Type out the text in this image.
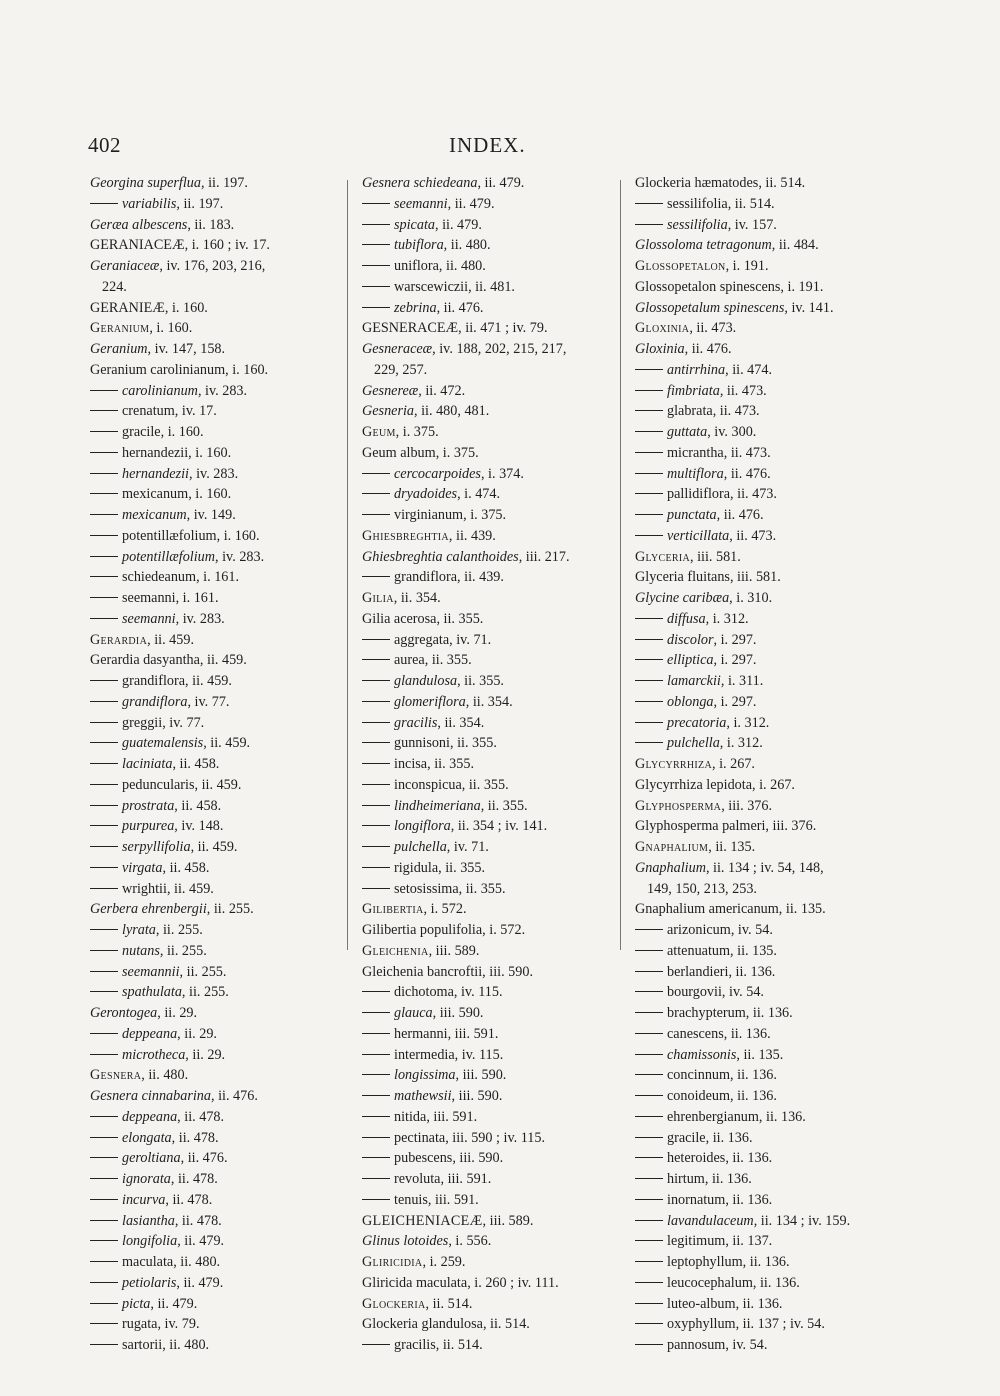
402	INDEX.
Georgina superflua, ii. 197.
variabilis, ii. 197.
Geræa albescens, ii. 183.
GERANIACEÆ, i. 160 ; iv. 17.
Geraniaceæ, iv. 176, 203, 216,
224.
GERANIEÆ, i. 160.
Geranium, i. 160.
Geranium, iv. 147, 158.
Geranium carolinianum, i. 160.
carolinianum, iv. 283.
crenatum, iv. 17.
gracile, i. 160.
hernandezii, i. 160.
hernandezii, iv. 283.
mexicanum, i. 160.
mexicanum, iv. 149.
potentillæfolium, i. 160.
potentillæfolium, iv. 283.
schiedeanum, i. 161.
seemanni, i. 161.
seemanni, iv. 283.
Gerardia, ii. 459.
Gerardia dasyantha, ii. 459.
grandiflora, ii. 459.
grandiflora, iv. 77.
greggii, iv. 77.
guatemalensis, ii. 459.
laciniata, ii. 458.
peduncularis, ii. 459.
prostrata, ii. 458.
purpurea, iv. 148.
serpyllifolia, ii. 459.
virgata, ii. 458.
wrightii, ii. 459.
Gerbera ehrenbergii, ii. 255.
lyrata, ii. 255.
nutans, ii. 255.
seemannii, ii. 255.
spathulata, ii. 255.
Gerontogea, ii. 29.
deppeana, ii. 29.
microtheca, ii. 29.
Gesnera, ii. 480.
Gesnera cinnabarina, ii. 476.
deppeana, ii. 478.
elongata, ii. 478.
geroltiana, ii. 476.
ignorata, ii. 478.
incurva, ii. 478.
lasiantha, ii. 478.
longifolia, ii. 479.
maculata, ii. 480.
petiolaris, ii. 479.
picta, ii. 479.
rugata, iv. 79.
sartorii, ii. 480.
Gesnera schiedeana, ii. 479.
seemanni, ii. 479.
spicata, ii. 479.
tubiflora, ii. 480.
uniflora, ii. 480.
warscewiczii, ii. 481.
zebrina, ii. 476.
GESNERACEÆ, ii. 471 ; iv. 79.
Gesneraceæ, iv. 188, 202, 215, 217,
229, 257.
Gesnereæ, ii. 472.
Gesneria, ii. 480, 481.
Geum, i. 375.
Geum album, i. 375.
cercocarpoides, i. 374.
dryadoides, i. 474.
virginianum, i. 375.
Ghiesbreghtia, ii. 439.
Ghiesbreghtia calanthoides, iii. 217.
grandiflora, ii. 439.
Gilia, ii. 354.
Gilia acerosa, ii. 355.
aggregata, iv. 71.
aurea, ii. 355.
glandulosa, ii. 355.
glomeriflora, ii. 354.
gracilis, ii. 354.
gunnisoni, ii. 355.
incisa, ii. 355.
inconspicua, ii. 355.
lindheimeriana, ii. 355.
longiflora, ii. 354 ; iv. 141.
pulchella, iv. 71.
rigidula, ii. 355.
setosissima, ii. 355.
Gilibertia, i. 572.
Gilibertia populifolia, i. 572.
Gleichenia, iii. 589.
Gleichenia bancroftii, iii. 590.
dichotoma, iv. 115.
glauca, iii. 590.
hermanni, iii. 591.
intermedia, iv. 115.
longissima, iii. 590.
mathewsii, iii. 590.
nitida, iii. 591.
pectinata, iii. 590 ; iv. 115.
pubescens, iii. 590.
revoluta, iii. 591.
tenuis, iii. 591.
GLEICHENIACEÆ, iii. 589.
Glinus lotoides, i. 556.
Gliricidia, i. 259.
Gliricida maculata, i. 260 ; iv. 111.
Glockeria, ii. 514.
Glockeria glandulosa, ii. 514.
gracilis, ii. 514.
Glockeria hæmatodes, ii. 514.
sessilifolia, ii. 514.
sessilifolia, iv. 157.
Glossoloma tetragonum, ii. 484.
Glossopetalon, i. 191.
Glossopetalon spinescens, i. 191.
Glossopetalum spinescens, iv. 141.
Gloxinia, ii. 473.
Gloxinia, ii. 476.
antirrhina, ii. 474.
fimbriata, ii. 473.
glabrata, ii. 473.
guttata, iv. 300.
micrantha, ii. 473.
multiflora, ii. 476.
pallidiflora, ii. 473.
punctata, ii. 476.
verticillata, ii. 473.
Glyceria, iii. 581.
Glyceria fluitans, iii. 581.
Glycine caribæa, i. 310.
diffusa, i. 312.
discolor, i. 297.
elliptica, i. 297.
lamarckii, i. 311.
oblonga, i. 297.
precatoria, i. 312.
pulchella, i. 312.
Glycyrrhiza, i. 267.
Glycyrrhiza lepidota, i. 267.
Glyphosperma, iii. 376.
Glyphosperma palmeri, iii. 376.
Gnaphalium, ii. 135.
Gnaphalium, ii. 134 ; iv. 54, 148,
149, 150, 213, 253.
Gnaphalium americanum, ii. 135.
arizonicum, iv. 54.
attenuatum, ii. 135.
berlandieri, ii. 136.
bourgovii, iv. 54.
brachypterum, ii. 136.
canescens, ii. 136.
chamissonis, ii. 135.
concinnum, ii. 136.
conoideum, ii. 136.
ehrenbergianum, ii. 136.
gracile, ii. 136.
heteroides, ii. 136.
hirtum, ii. 136.
inornatum, ii. 136.
lavandulaceum, ii. 134 ; iv. 159.
legitimum, ii. 137.
leptophyllum, ii. 136.
leucocephalum, ii. 136.
luteo-album, ii. 136.
oxyphyllum, ii. 137 ; iv. 54.
pannosum, iv. 54.
